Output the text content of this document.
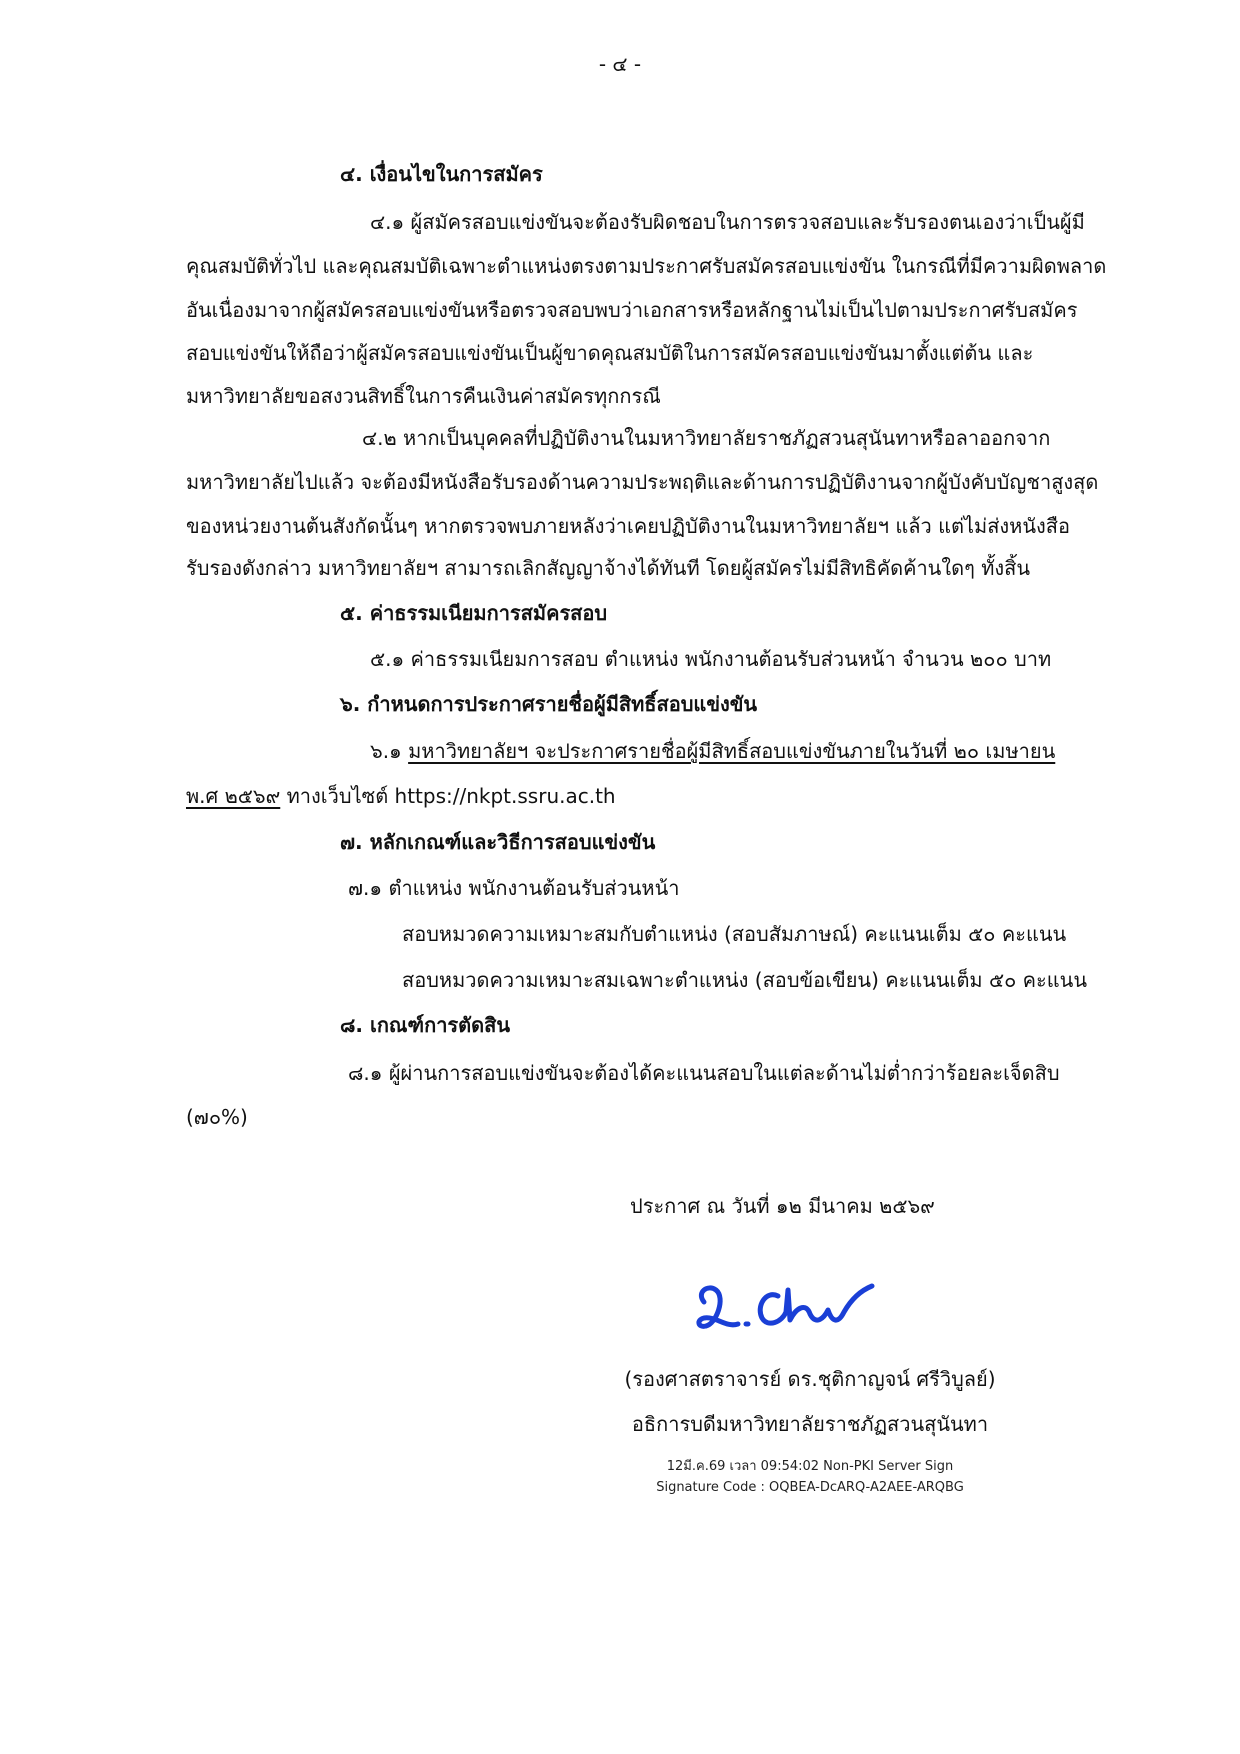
- ๔ -
๔. เงื่อนไขในการสมัคร
๔.๑ ผู้สมัครสอบแข่งขันจะต้องรับผิดชอบในการตรวจสอบและรับรองตนเองว่าเป็นผู้มี
คุณสมบัติทั่วไป และคุณสมบัติเฉพาะตำแหน่งตรงตามประกาศรับสมัครสอบแข่งขัน ในกรณีที่มีความผิดพลาด
อันเนื่องมาจากผู้สมัครสอบแข่งขันหรือตรวจสอบพบว่าเอกสารหรือหลักฐานไม่เป็นไปตามประกาศรับสมัคร
สอบแข่งขันให้ถือว่าผู้สมัครสอบแข่งขันเป็นผู้ขาดคุณสมบัติในการสมัครสอบแข่งขันมาตั้งแต่ต้น และ
มหาวิทยาลัยขอสงวนสิทธิ์ในการคืนเงินค่าสมัครทุกกรณี
๔.๒ หากเป็นบุคคลที่ปฏิบัติงานในมหาวิทยาลัยราชภัฏสวนสุนันทาหรือลาออกจาก
มหาวิทยาลัยไปแล้ว จะต้องมีหนังสือรับรองด้านความประพฤติและด้านการปฏิบัติงานจากผู้บังคับบัญชาสูงสุด
ของหน่วยงานต้นสังกัดนั้นๆ หากตรวจพบภายหลังว่าเคยปฏิบัติงานในมหาวิทยาลัยฯ แล้ว แต่ไม่ส่งหนังสือ
รับรองดังกล่าว มหาวิทยาลัยฯ สามารถเลิกสัญญาจ้างได้ทันที โดยผู้สมัครไม่มีสิทธิคัดค้านใดๆ ทั้งสิ้น
๕. ค่าธรรมเนียมการสมัครสอบ
๕.๑ ค่าธรรมเนียมการสอบ ตำแหน่ง พนักงานต้อนรับส่วนหน้า จำนวน ๒๐๐ บาท
๖. กำหนดการประกาศรายชื่อผู้มีสิทธิ์สอบแข่งขัน
๖.๑ มหาวิทยาลัยฯ จะประกาศรายชื่อผู้มีสิทธิ์สอบแข่งขันภายในวันที่ ๒๐ เมษายน
พ.ศ ๒๕๖๙ ทางเว็บไซต์ https://nkpt.ssru.ac.th
๗. หลักเกณฑ์และวิธีการสอบแข่งขัน
๗.๑ ตำแหน่ง พนักงานต้อนรับส่วนหน้า
สอบหมวดความเหมาะสมกับตำแหน่ง (สอบสัมภาษณ์) คะแนนเต็ม ๕๐ คะแนน
สอบหมวดความเหมาะสมเฉพาะตำแหน่ง (สอบข้อเขียน) คะแนนเต็ม ๕๐ คะแนน
๘. เกณฑ์การตัดสิน
๘.๑ ผู้ผ่านการสอบแข่งขันจะต้องได้คะแนนสอบในแต่ละด้านไม่ต่ำกว่าร้อยละเจ็ดสิบ
(๗๐%)
ประกาศ ณ วันที่ ๑๒ มีนาคม ๒๕๖๙
(รองศาสตราจารย์ ดร.ชุติกาญจน์ ศรีวิบูลย์)
อธิการบดีมหาวิทยาลัยราชภัฏสวนสุนันทา
12มี.ค.69 เวลา 09:54:02 Non-PKI Server Sign
Signature Code : OQBEA-DcARQ-A2AEE-ARQBG
